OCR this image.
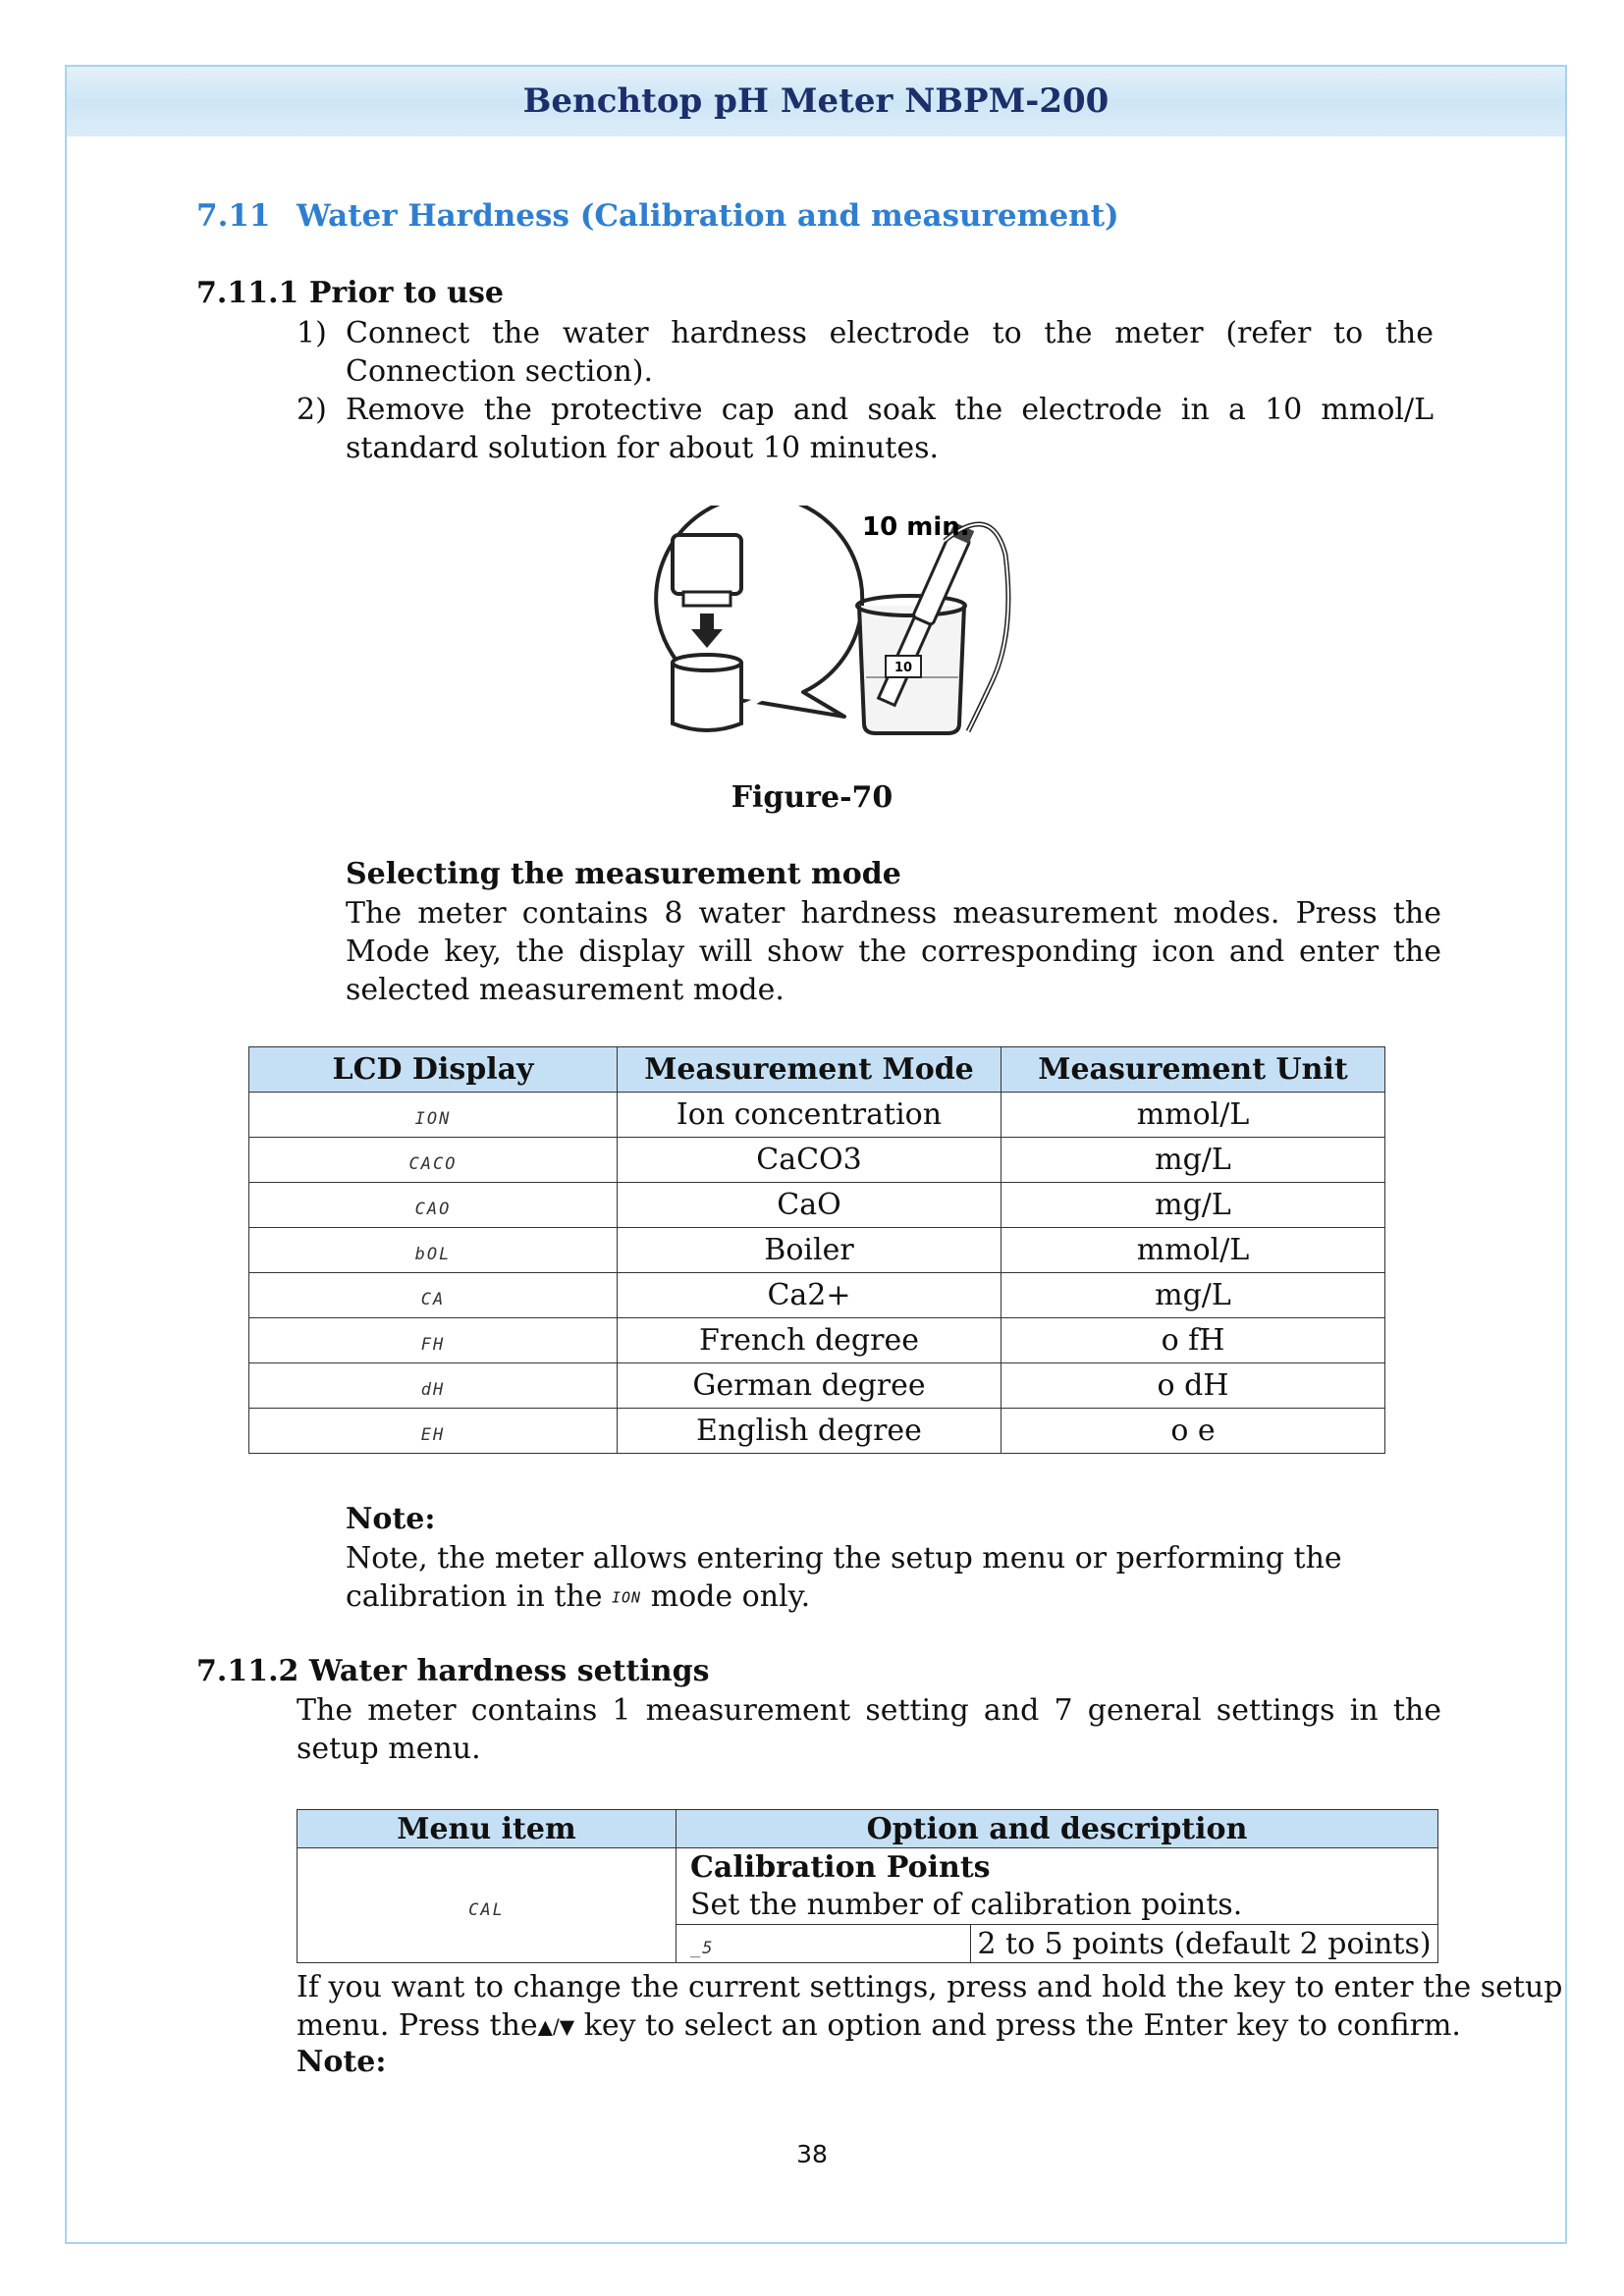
Benchtop pH Meter NBPM-200
7.11 Water Hardness (Calibration and measurement)
7.11.1 Prior to use
1) Connect the water hardness electrode to the meter (refer to the Connection section).
2) Remove the protective cap and soak the electrode in a 10 mmol/L standard solution for about 10 minutes.
10
10 min.
Figure-70
Selecting the measurement mode
The meter contains 8 water hardness measurement modes. Press the Mode key, the display will show the corresponding icon and enter the selected measurement mode.
LCD Display	Measurement Mode	Measurement Unit
ION	Ion concentration	mmol/L
CACO	CaCO3	mg/L
CAO	CaO	mg/L
bOL	Boiler	mmol/L
CA	Ca2+	mg/L
FH	French degree	o fH
dH	German degree	o dH
EH	English degree	o e
Note:
Note, the meter allows entering the setup menu or performing the calibration in the ION mode only.
7.11.2 Water hardness settings
The meter contains 1 measurement setting and 7 general settings in the setup menu.
Menu item	Option and description	
CAL	Calibration Points	
	Set the number of calibration points.	
	_5	2 to 5 points (default 2 points)
If you want to change the current settings, press and hold the key to enter the setup
menu. Press the▲/▼ key to select an option and press the Enter key to confirm.
Note:
38
